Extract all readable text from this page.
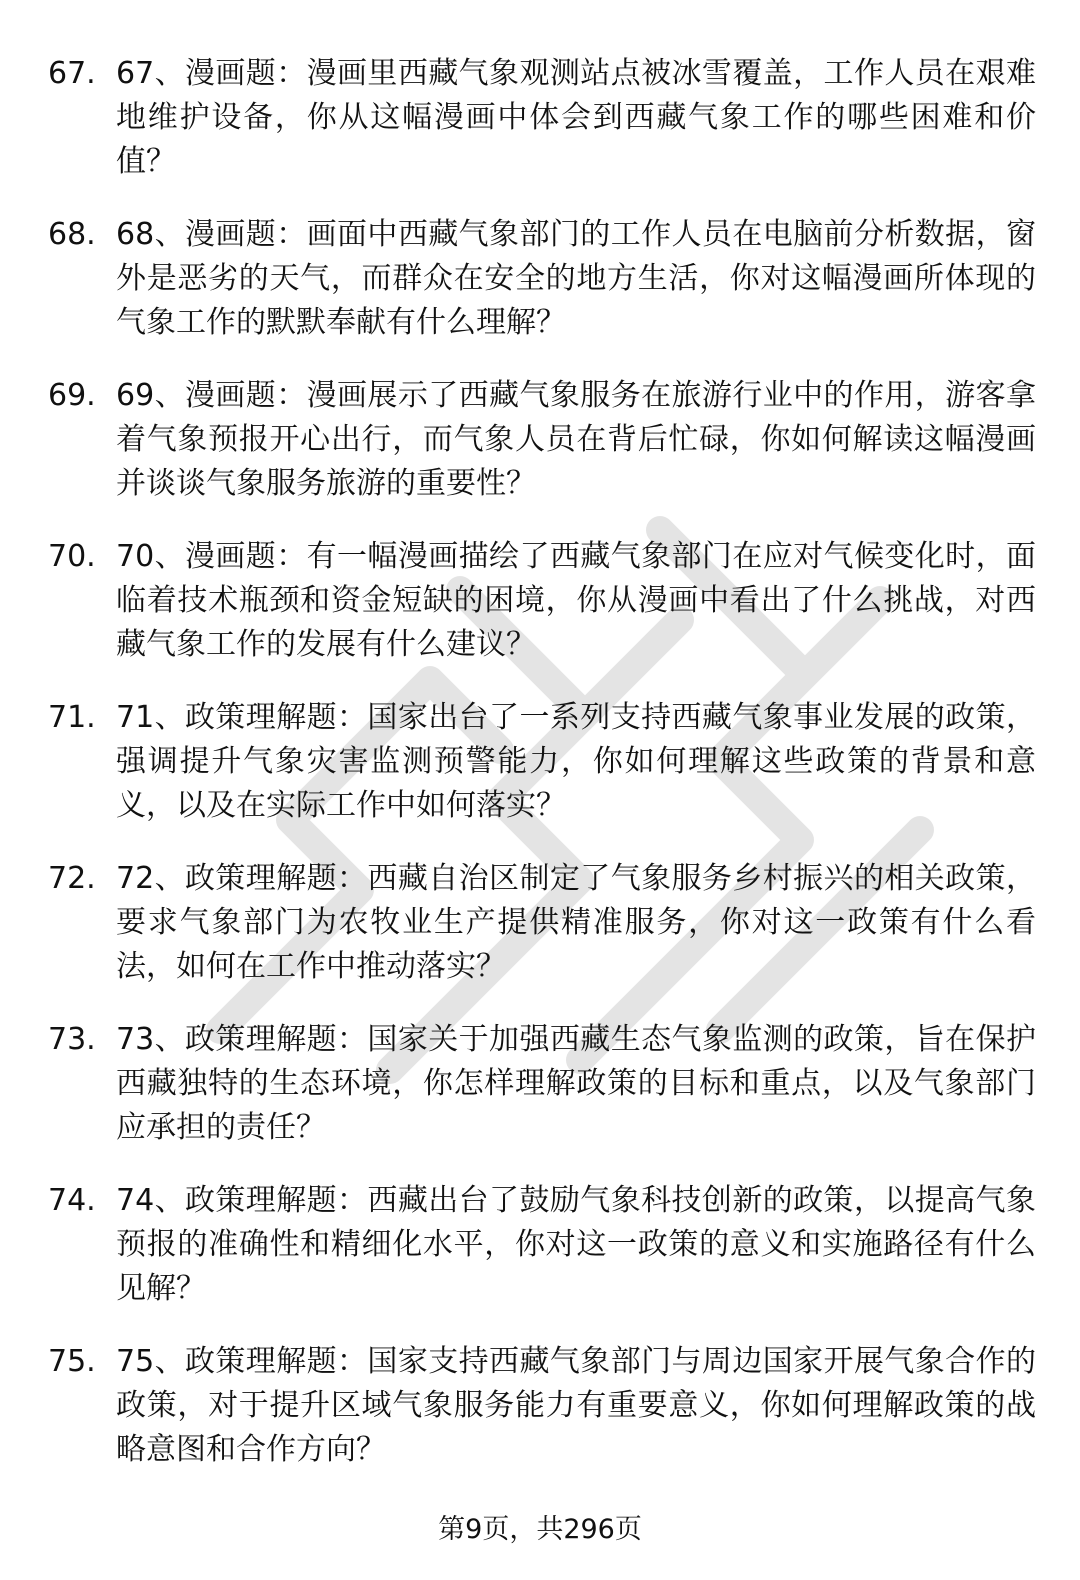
67. 67、漫画题：漫画里西藏气象观测站点被冰雪覆盖，工作人员在艰难地维护设备，你从这幅漫画中体会到西藏气象工作的哪些困难和价值？
68. 68、漫画题：画面中西藏气象部门的工作人员在电脑前分析数据，窗外是恶劣的天气，而群众在安全的地方生活，你对这幅漫画所体现的气象工作的默默奉献有什么理解？
69. 69、漫画题：漫画展示了西藏气象服务在旅游行业中的作用，游客拿着气象预报开心出行，而气象人员在背后忙碌，你如何解读这幅漫画并谈谈气象服务旅游的重要性？
70. 70、漫画题：有一幅漫画描绘了西藏气象部门在应对气候变化时，面临着技术瓶颈和资金短缺的困境，你从漫画中看出了什么挑战，对西藏气象工作的发展有什么建议？
71. 71、政策理解题：国家出台了一系列支持西藏气象事业发展的政策，强调提升气象灾害监测预警能力，你如何理解这些政策的背景和意义，以及在实际工作中如何落实？
72. 72、政策理解题：西藏自治区制定了气象服务乡村振兴的相关政策，要求气象部门为农牧业生产提供精准服务，你对这一政策有什么看法，如何在工作中推动落实？
73. 73、政策理解题：国家关于加强西藏生态气象监测的政策，旨在保护西藏独特的生态环境，你怎样理解政策的目标和重点，以及气象部门应承担的责任？
74. 74、政策理解题：西藏出台了鼓励气象科技创新的政策，以提高气象预报的准确性和精细化水平，你对这一政策的意义和实施路径有什么见解？
75. 75、政策理解题：国家支持西藏气象部门与周边国家开展气象合作的政策，对于提升区域气象服务能力有重要意义，你如何理解政策的战略意图和合作方向？
第9页，共296页
